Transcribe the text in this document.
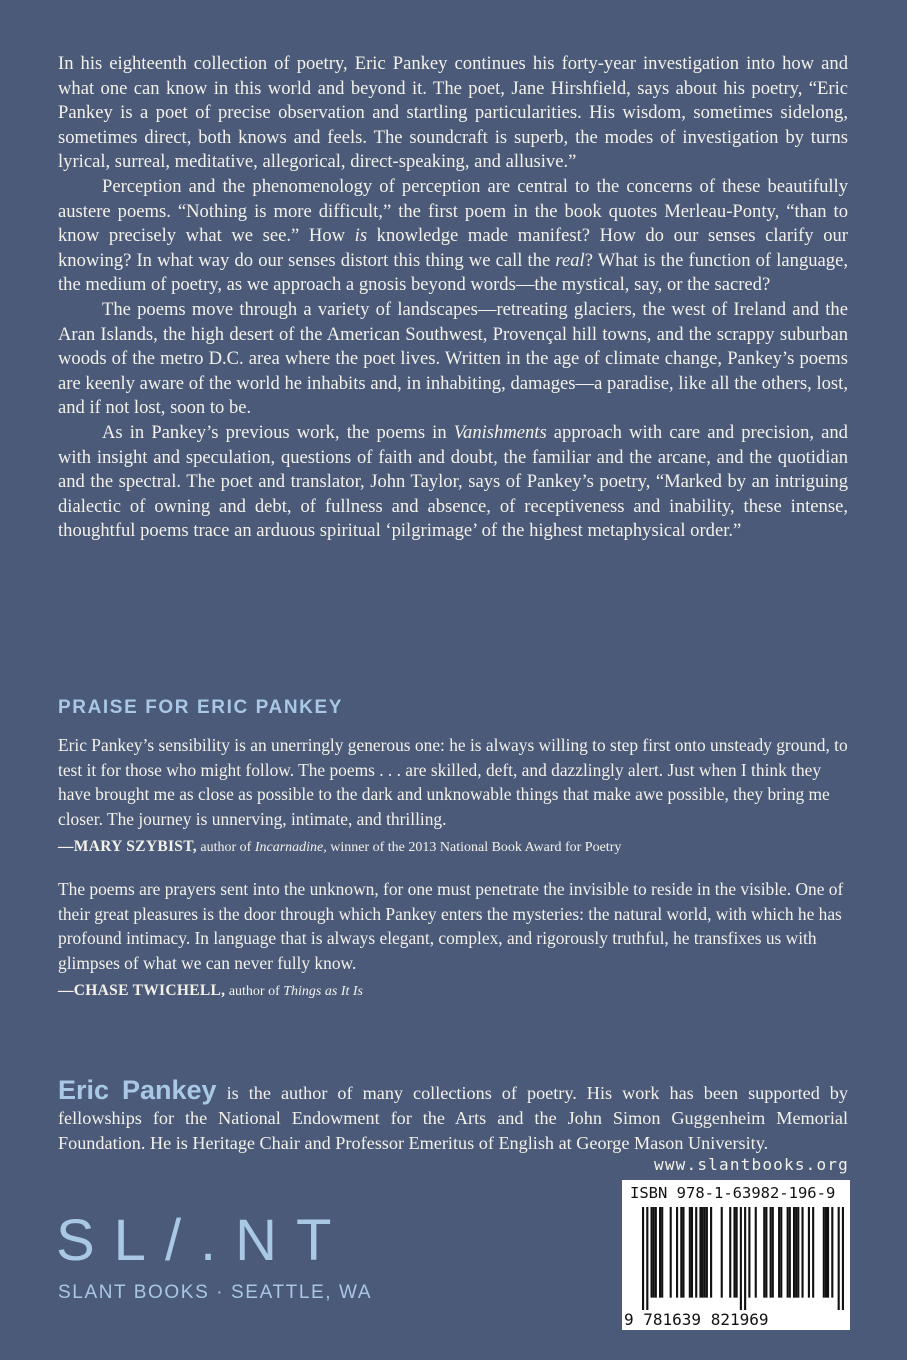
In his eighteenth collection of poetry, Eric Pankey continues his forty-year investigation into how and what one can know in this world and beyond it. The poet, Jane Hirshfield, says about his poetry, “Eric Pankey is a poet of precise observation and startling particularities. His wisdom, sometimes sidelong, sometimes direct, both knows and feels. The soundcraft is superb, the modes of investigation by turns lyrical, surreal, meditative, allegorical, direct-speaking, and allusive.”

Perception and the phenomenology of perception are central to the concerns of these beautifully austere poems. “Nothing is more difficult,” the first poem in the book quotes Merleau-Ponty, “than to know precisely what we see.” How is knowledge made manifest? How do our senses clarify our knowing? In what way do our senses distort this thing we call the real? What is the function of language, the medium of poetry, as we approach a gnosis beyond words—the mystical, say, or the sacred?

The poems move through a variety of landscapes—retreating glaciers, the west of Ireland and the Aran Islands, the high desert of the American Southwest, Provençal hill towns, and the scrappy suburban woods of the metro D.C. area where the poet lives. Written in the age of climate change, Pankey’s poems are keenly aware of the world he inhabits and, in inhabiting, damages—a paradise, like all the others, lost, and if not lost, soon to be.

As in Pankey’s previous work, the poems in Vanishments approach with care and precision, and with insight and speculation, questions of faith and doubt, the familiar and the arcane, and the quotidian and the spectral. The poet and translator, John Taylor, says of Pankey’s poetry, “Marked by an intriguing dialectic of owning and debt, of fullness and absence, of receptiveness and inability, these intense, thoughtful poems trace an arduous spiritual ‘pilgrimage’ of the highest metaphysical order.”

PRAISE FOR ERIC PANKEY

Eric Pankey’s sensibility is an unerringly generous one: he is always willing to step first onto unsteady ground, to test it for those who might follow. The poems . . . are skilled, deft, and dazzlingly alert. Just when I think they have brought me as close as possible to the dark and unknowable things that make awe possible, they bring me closer. The journey is unnerving, intimate, and thrilling.

—MARY SZYBIST, author of Incarnadine, winner of the 2013 National Book Award for Poetry

The poems are prayers sent into the unknown, for one must penetrate the invisible to reside in the visible. One of their great pleasures is the door through which Pankey enters the mysteries: the natural world, with which he has profound intimacy. In language that is always elegant, complex, and rigorously truthful, he transfixes us with glimpses of what we can never fully know.

—CHASE TWICHELL, author of Things as It Is

Eric Pankey is the author of many collections of poetry. His work has been supported by fellowships for the National Endowment for the Arts and the John Simon Guggenheim Memorial Foundation. He is Heritage Chair and Professor Emeritus of English at George Mason University.

SL/.NT
SLANT BOOKS · SEATTLE, WA
www.slantbooks.org
ISBN 978-1-63982-196-9
9 781639 821969
